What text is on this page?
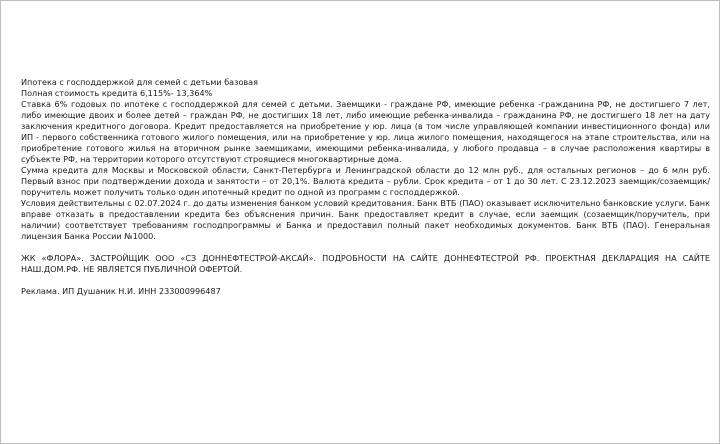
Ипотека с господдержкой для семей с детьми базовая

Полная стоимость кредита 6,115%- 13,364%

Ставка 6% годовых по ипотеке с господдержкой для семей с детьми. Заемщики - граждане РФ, имеющие ребенка -гражданина РФ, не достигшего 7 лет, либо имеющие двоих и более детей – граждан РФ, не достигших 18 лет, либо имеющие ребенка-инвалида – гражданина РФ, не достигшего 18 лет на дату заключения кредитного договора. Кредит предоставляется на приобретение у юр. лица (в том числе управляющей компании инвестиционного фонда) или ИП - первого собственника готового жилого помещения, или на приобретение у юр. лица жилого помещения, находящегося на этапе строительства, или на приобретение готового жилья на вторичном рынке заемщиками, имеющими ребенка-инвалида, у любого продавца – в случае расположения квартиры в субъекте РФ, на территории которого отсутствуют строящиеся многоквартирные дома.

Сумма кредита для Москвы и Московской области, Санкт-Петербурга и Ленинградской области до 12 млн руб., для остальных регионов – до 6 млн руб. Первый взнос при подтверждении дохода и занятости – от 20,1%. Валюта кредита – рубли. Срок кредита – от 1 до 30 лет. С 23.12.2023 заемщик/созаемщик/поручитель может получить только один ипотечный кредит по одной из программ с господдержкой.

Условия действительны с 02.07.2024 г. до даты изменения банком условий кредитования. Банк ВТБ (ПАО) оказывает исключительно банковские услуги. Банк вправе отказать в предоставлении кредита без объяснения причин. Банк предоставляет кредит в случае, если заемщик (созаемщик/поручитель, при наличии) соответствует требованиям господпрограммы и Банка и предоставил полный пакет необходимых документов. Банк ВТБ (ПАО). Генеральная лицензия Банка России №1000.

ЖК «ФЛОРА». ЗАСТРОЙЩИК ООО «СЗ ДОННЕФТЕСТРОЙ-АКСАЙ». ПОДРОБНОСТИ НА САЙТЕ ДОННЕФТЕСТРОЙ РФ. ПРОЕКТНАЯ ДЕКЛАРАЦИЯ НА САЙТЕ НАШ.ДОМ.РФ. НЕ ЯВЛЯЕТСЯ ПУБЛИЧНОЙ ОФЕРТОЙ.

Реклама. ИП Душаник Н.И. ИНН 233000996487
